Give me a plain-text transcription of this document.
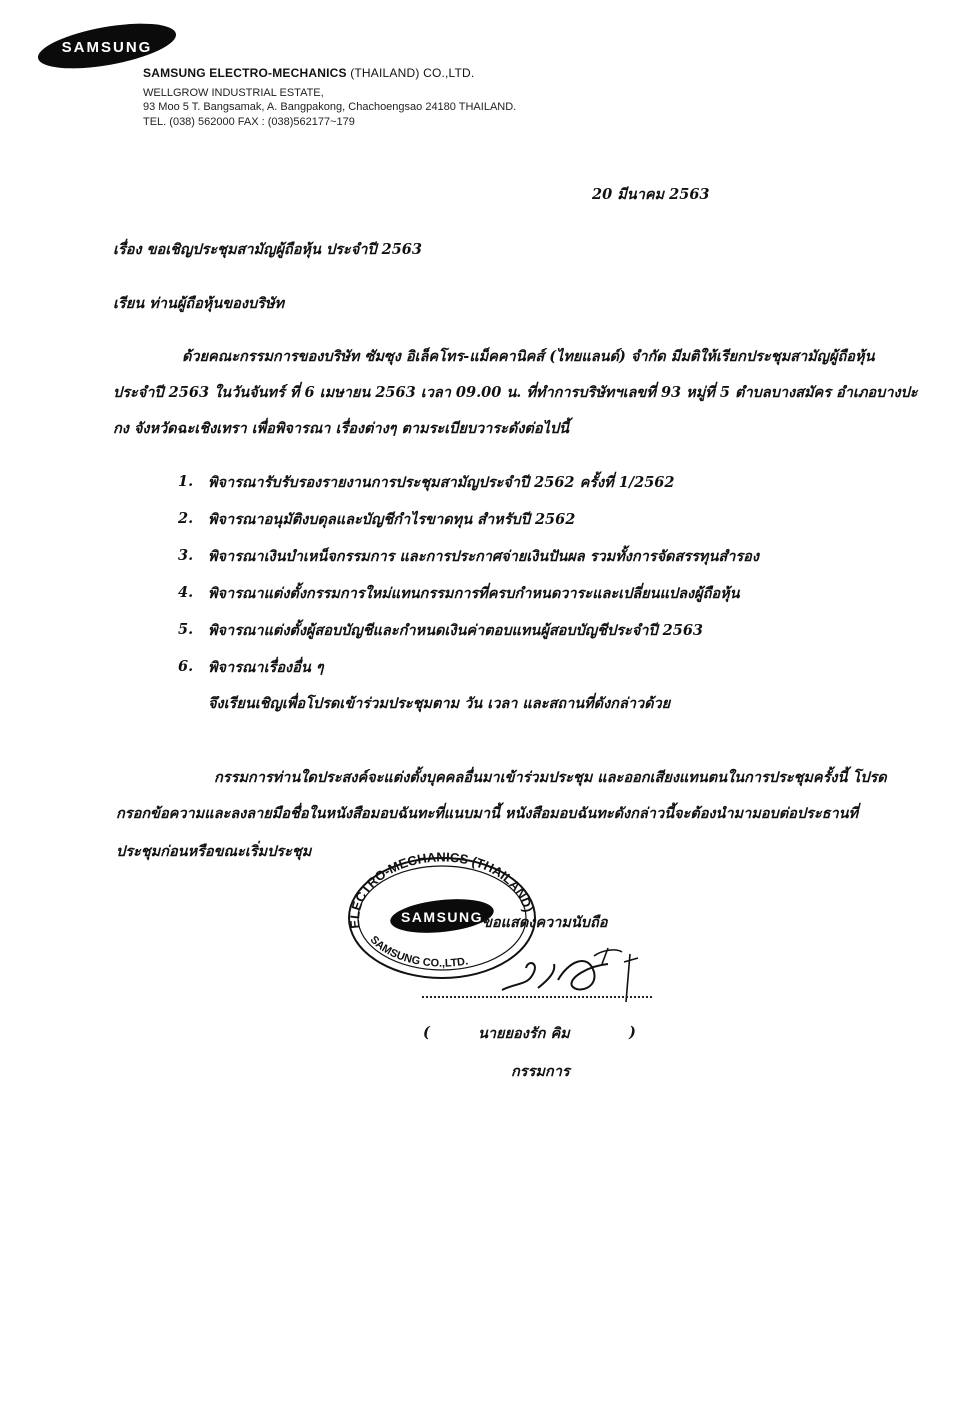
SAMSUNG
SAMSUNG ELECTRO-MECHANICS (THAILAND) CO.,LTD.
WELLGROW INDUSTRIAL ESTATE,
93 Moo 5 T. Bangsamak, A. Bangpakong, Chachoengsao 24180 THAILAND.
TEL. (038) 562000 FAX : (038)562177~179
20 มีนาคม 2563
เรื่อง ขอเชิญประชุมสามัญผู้ถือหุ้น ประจำปี 2563
เรียน ท่านผู้ถือหุ้นของบริษัท
ด้วยคณะกรรมการของบริษัท ซัมซุง อิเล็คโทร-แม็คคานิคส์ (ไทยแลนด์) จำกัด มีมติให้เรียกประชุมสามัญผู้ถือหุ้น
ประจำปี 2563 ในวันจันทร์ ที่ 6 เมษายน 2563 เวลา 09.00 น. ที่ทำการบริษัทฯเลขที่ 93 หมู่ที่ 5 ตำบลบางสมัคร อำเภอบางปะ
กง จังหวัดฉะเชิงเทรา เพื่อพิจารณา เรื่องต่างๆ ตามระเบียบวาระดังต่อไปนี้
1. พิจารณารับรับรองรายงานการประชุมสามัญประจำปี 2562 ครั้งที่ 1/2562
2. พิจารณาอนุมัติงบดุลและบัญชีกำไรขาดทุน สำหรับปี 2562
3. พิจารณาเงินบำเหน็จกรรมการ และการประกาศจ่ายเงินปันผล รวมทั้งการจัดสรรทุนสำรอง
4. พิจารณาแต่งตั้งกรรมการใหม่แทนกรรมการที่ครบกำหนดวาระและเปลี่ยนแปลงผู้ถือหุ้น
5. พิจารณาแต่งตั้งผู้สอบบัญชีและกำหนดเงินค่าตอบแทนผู้สอบบัญชีประจำปี 2563
6. พิจารณาเรื่องอื่น ๆ
จึงเรียนเชิญเพื่อโปรดเข้าร่วมประชุมตาม วัน เวลา และสถานที่ดังกล่าวด้วย
กรรมการท่านใดประสงค์จะแต่งตั้งบุคคลอื่นมาเข้าร่วมประชุม และออกเสียงแทนตนในการประชุมครั้งนี้ โปรด
กรอกข้อความและลงลายมือชื่อในหนังสือมอบฉันทะที่แนบมานี้ หนังสือมอบฉันทะดังกล่าวนี้จะต้องนำมามอบต่อประธานที่
ประชุมก่อนหรือขณะเริ่มประชุม
ELECTRO-MECHANICS (THAILAND)
SAMSUNG CO.,LTD.
SAMSUNG
ขอแสดงความนับถือ
(	นายยองรัก คิม	)
กรรมการ
